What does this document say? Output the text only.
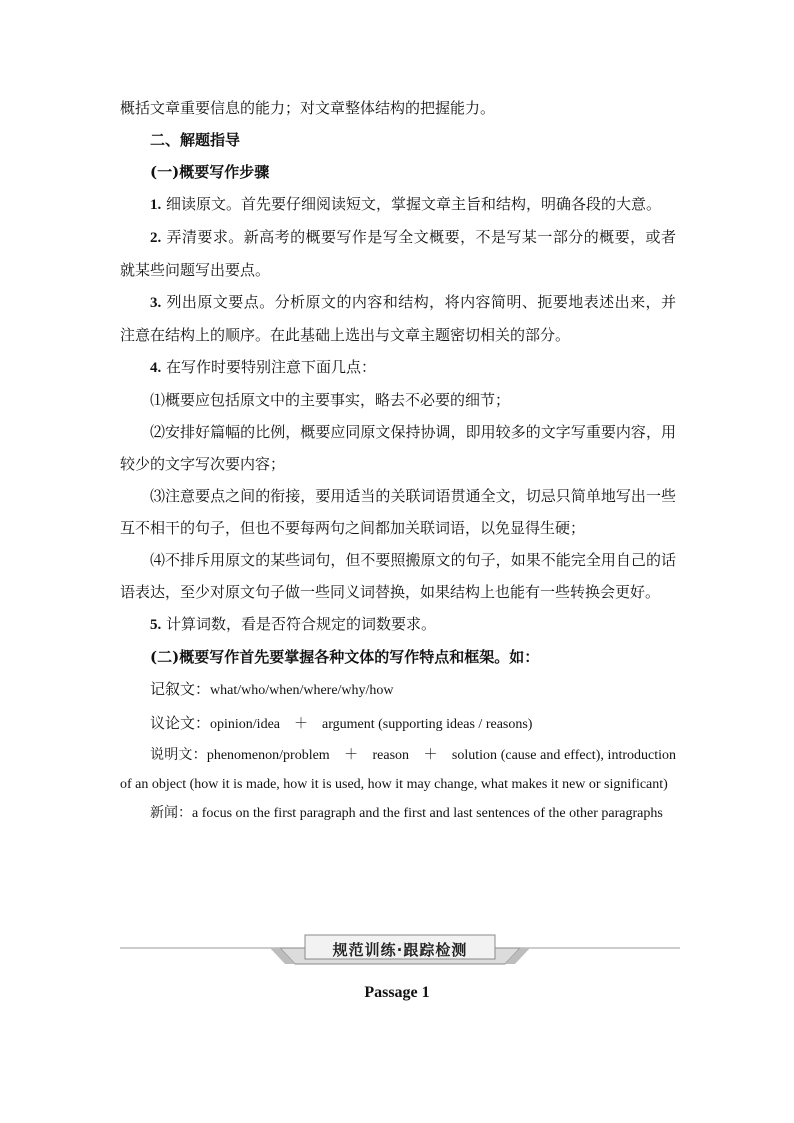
概括文章重要信息的能力；对文章整体结构的把握能力。

二、解题指导

(一)概要写作步骤

1. 细读原文。首先要仔细阅读短文，掌握文章主旨和结构，明确各段的大意。

2. 弄清要求。新高考的概要写作是写全文概要，不是写某一部分的概要，或者就某些问题写出要点。

3. 列出原文要点。分析原文的内容和结构，将内容简明、扼要地表述出来，并注意在结构上的顺序。在此基础上选出与文章主题密切相关的部分。

4. 在写作时要特别注意下面几点：

⑴概要应包括原文中的主要事实，略去不必要的细节；

⑵安排好篇幅的比例，概要应同原文保持协调，即用较多的文字写重要内容，用较少的文字写次要内容；

⑶注意要点之间的衔接，要用适当的关联词语贯通全文，切忌只简单地写出一些互不相干的句子，但也不要每两句之间都加关联词语，以免显得生硬；

⑷不排斥用原文的某些词句，但不要照搬原文的句子，如果不能完全用自己的话语表达，至少对原文句子做一些同义词替换，如果结构上也能有一些转换会更好。

5. 计算词数，看是否符合规定的词数要求。

(二)概要写作首先要掌握各种文体的写作特点和框架。如：

记叙文：what/who/when/where/why/how

议论文：opinion/idea　＋　argument (supporting ideas / reasons)

说明文：phenomenon/problem　＋　reason　＋　solution (cause and effect), introduction of an object (how it is made, how it is used, how it may change, what makes it new or significant)

新闻：a focus on the first paragraph and the first and last sentences of the other paragraphs

规范训练·跟踪检测
Passage 1
